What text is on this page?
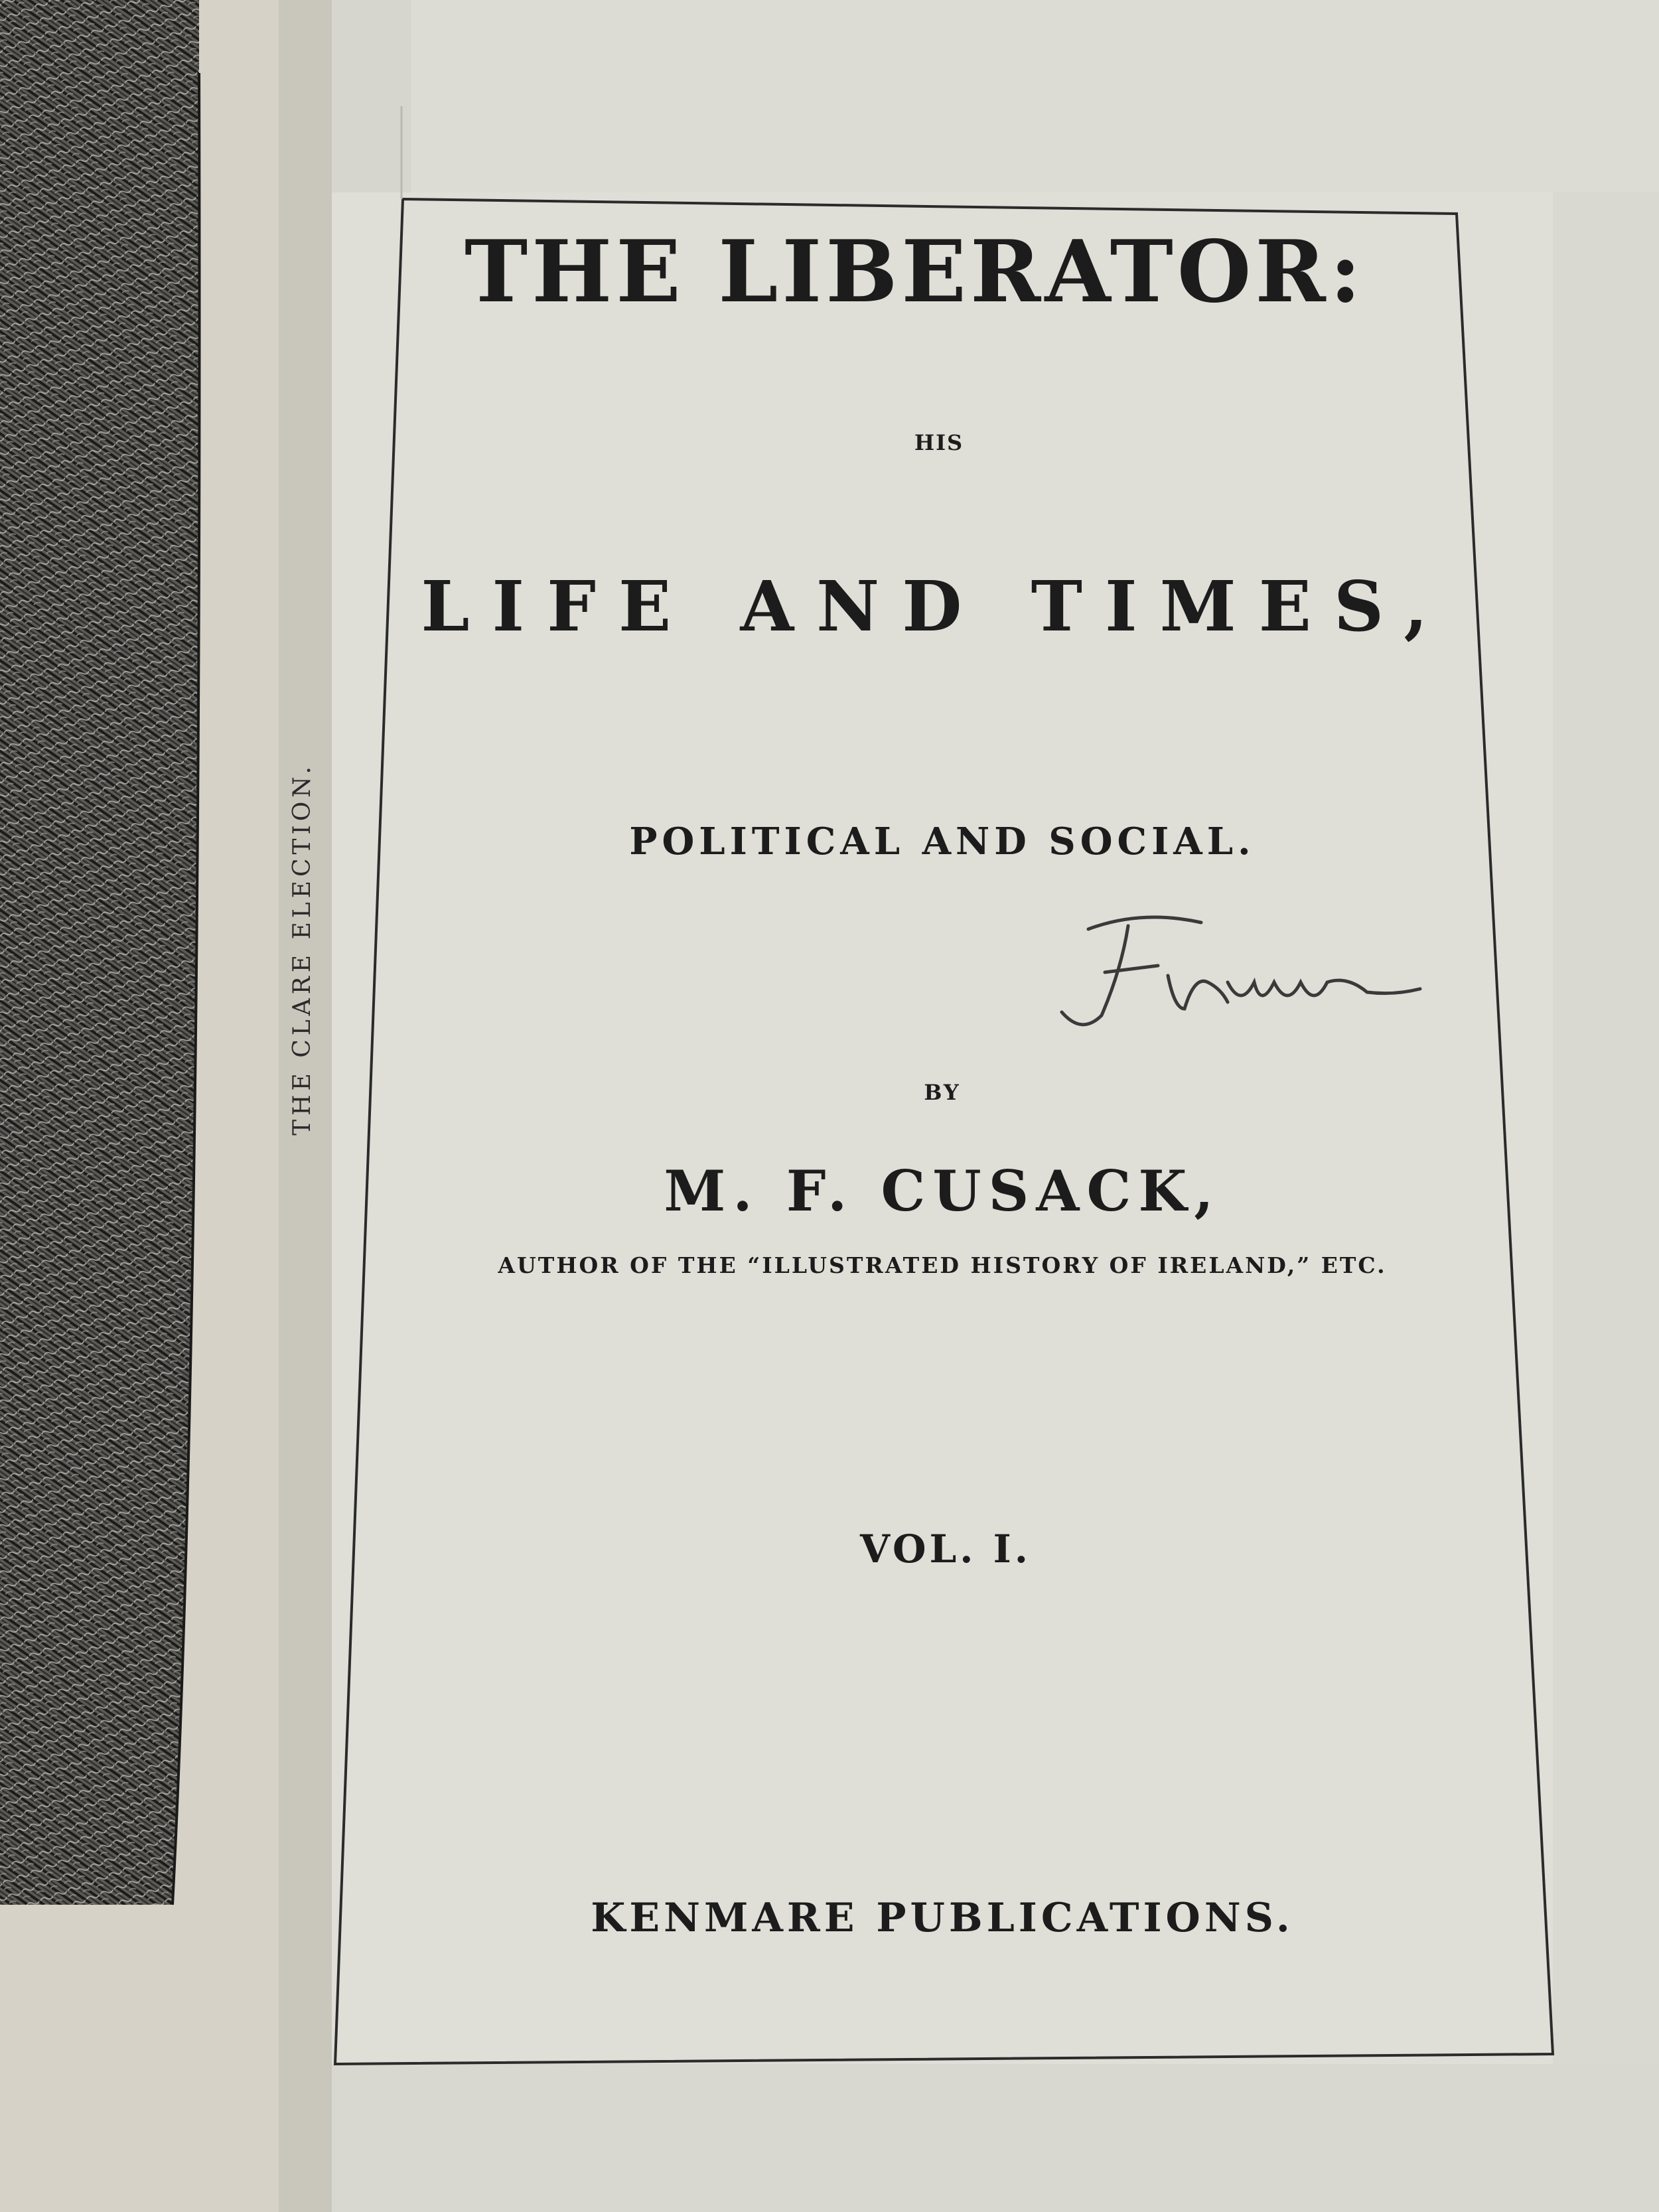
THE LIBERATOR:

HIS

LIFE AND TIMES,

POLITICAL AND SOCIAL.

BY

M. F. CUSACK,

AUTHOR OF THE “ILLUSTRATED HISTORY OF IRELAND,” ETC.

VOL. I.

KENMARE PUBLICATIONS.

THE CLARE ELECTION.
